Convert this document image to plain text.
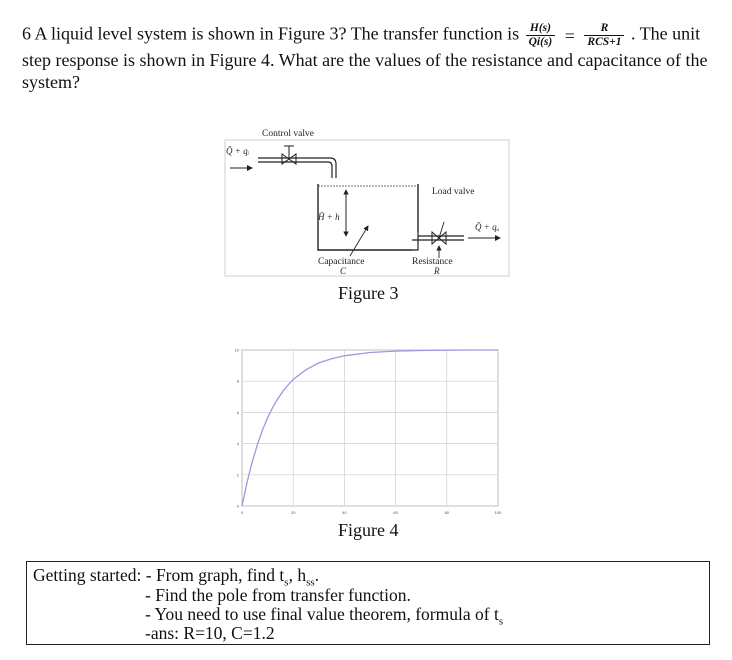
6 A liquid level system is shown in Figure 3? The transfer function is $\frac{H(s)}{Qi(s)} = \frac{R}{\text{RCS+1}}$ . The unit
step response is shown in Figure 4. What are the values of the resistance and capacitance of the
system?
Control valve
Q̄ + qᵢ
H̄ + h
Load valve
Q̄ + qₒ
Capacitance
C
Resistance
R
Figure 3
0	20	40	60	80	100
0
2
4
6
8
10
Figure 4
Getting started: - From graph, find $t_s$, $h_{ss}$.
- Find the pole from transfer function.
- You need to use final value theorem, formula of $t_s$
-ans: R=10, C=1.2
